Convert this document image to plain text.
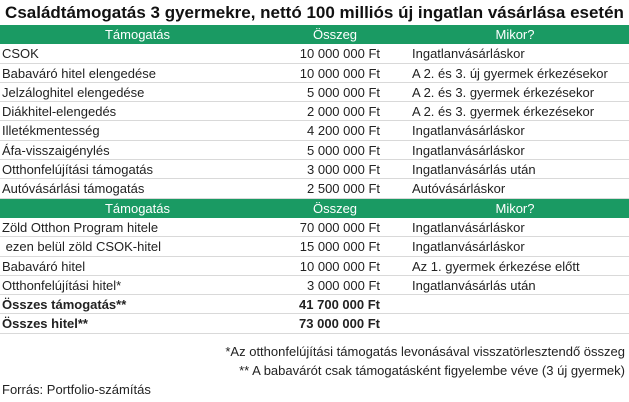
Családtámogatás 3 gyermekre, nettó 100 milliós új ingatlan vásárlása esetén
Támogatás	Összeg	Mikor?
CSOK	10 000 000 Ft Ingatlanvásárláskor
Babaváró hitel elengedése	10 000 000 Ft A 2. és 3. új gyermek érkezésekor
Jelzáloghitel elengedése	5 000 000 Ft A 2. és 3. gyermek érkezésekor
Diákhitel-elengedés	2 000 000 Ft A 2. és 3. gyermek érkezésekor
Illetékmentesség	4 200 000 Ft Ingatlanvásárláskor
Áfa-visszaigénylés	5 000 000 Ft Ingatlanvásárláskor
Otthonfelújítási támogatás	3 000 000 Ft Ingatlanvásárlás után
Autóvásárlási támogatás	2 500 000 Ft Autóvásárláskor
Támogatás	Összeg	Mikor?
Zöld Otthon Program hitele	70 000 000 Ft Ingatlanvásárláskor
ezen belül zöld CSOK-hitel	15 000 000 Ft Ingatlanvásárláskor
Babaváró hitel	10 000 000 Ft Az 1. gyermek érkezése előtt
Otthonfelújítási hitel*	3 000 000 Ft Ingatlanvásárlás után
Összes támogatás**	41 700 000 Ft
Összes hitel**	73 000 000 Ft
*Az otthonfelújítási támogatás levonásával visszatörlesztendő összeg
** A babavárót csak támogatásként figyelembe véve (3 új gyermek)
Forrás: Portfolio-számítás
